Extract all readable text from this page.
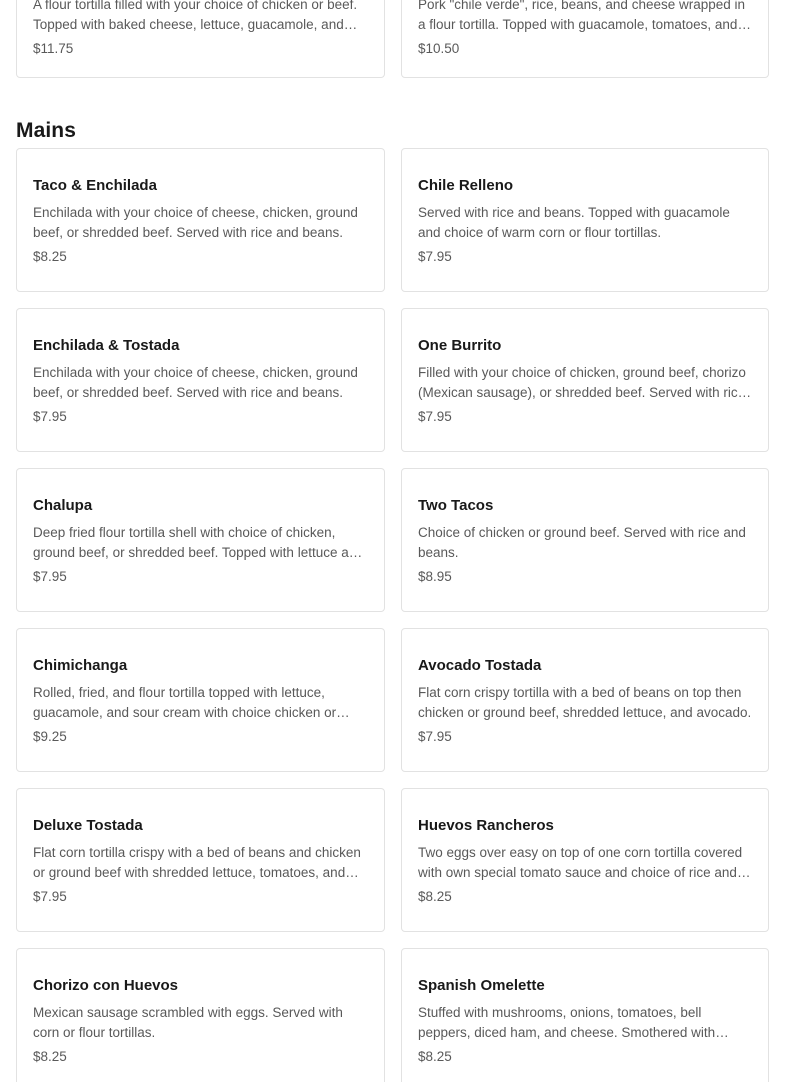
A flour tortilla filled with your choice of chicken or beef. Topped with baked cheese, lettuce, guacamole, and
$11.75
Pork "chile verde", rice, beans, and cheese wrapped in a flour tortilla. Topped with guacamole, tomatoes, and
$10.50
Mains
Taco & Enchilada
Enchilada with your choice of cheese, chicken, ground beef, or shredded beef. Served with rice and beans.
$8.25
Chile Relleno
Served with rice and beans. Topped with guacamole and choice of warm corn or flour tortillas.
$7.95
Enchilada & Tostada
Enchilada with your choice of cheese, chicken, ground beef, or shredded beef. Served with rice and beans.
$7.95
One Burrito
Filled with your choice of chicken, ground beef, chorizo (Mexican sausage), or shredded beef. Served with rice
$7.95
Chalupa
Deep fried flour tortilla shell with choice of chicken, ground beef, or shredded beef. Topped with lettuce and
$7.95
Two Tacos
Choice of chicken or ground beef. Served with rice and beans.
$8.95
Chimichanga
Rolled, fried, and flour tortilla topped with lettuce, guacamole, and sour cream with choice chicken or
$9.25
Avocado Tostada
Flat corn crispy tortilla with a bed of beans on top then chicken or ground beef, shredded lettuce, and avocado.
$7.95
Deluxe Tostada
Flat corn tortilla crispy with a bed of beans and chicken or ground beef with shredded lettuce, tomatoes, and
$7.95
Huevos Rancheros
Two eggs over easy on top of one corn tortilla covered with own special tomato sauce and choice of rice and
$8.25
Chorizo con Huevos
Mexican sausage scrambled with eggs. Served with corn or flour tortillas.
$8.25
Spanish Omelette
Stuffed with mushrooms, onions, tomatoes, bell peppers, diced ham, and cheese. Smothered with
$8.25
